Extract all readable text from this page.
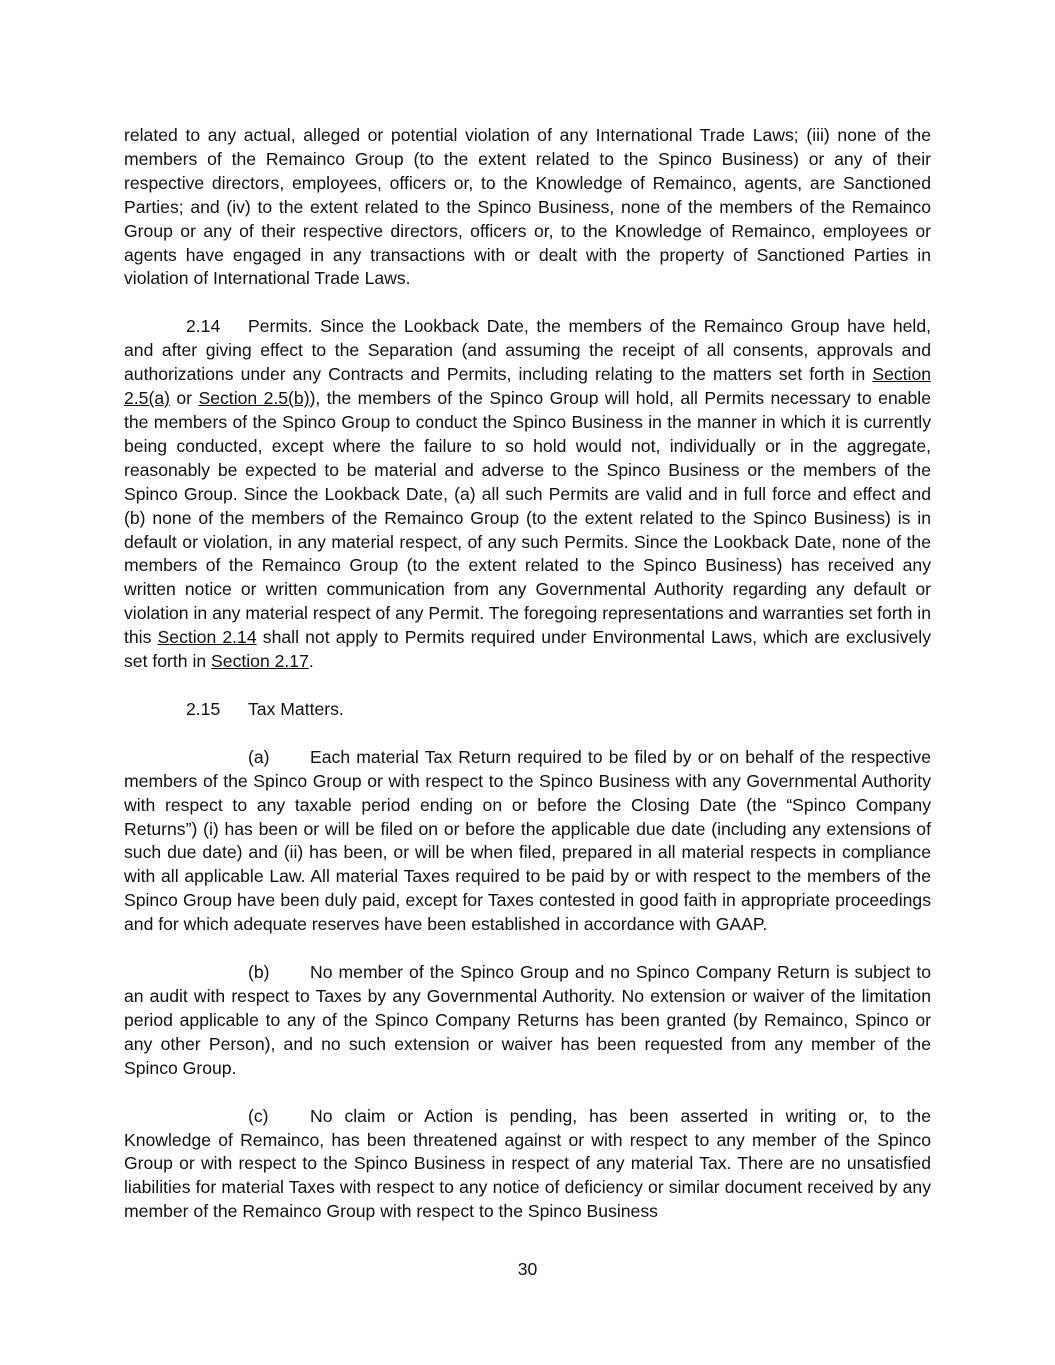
related to any actual, alleged or potential violation of any International Trade Laws; (iii) none of the members of the Remainco Group (to the extent related to the Spinco Business) or any of their respective directors, employees, officers or, to the Knowledge of Remainco, agents, are Sanctioned Parties; and (iv) to the extent related to the Spinco Business, none of the members of the Remainco Group or any of their respective directors, officers or, to the Knowledge of Remainco, employees or agents have engaged in any transactions with or dealt with the property of Sanctioned Parties in violation of International Trade Laws.

2.14 Permits. Since the Lookback Date, the members of the Remainco Group have held, and after giving effect to the Separation (and assuming the receipt of all consents, approvals and authorizations under any Contracts and Permits, including relating to the matters set forth in Section 2.5(a) or Section 2.5(b)), the members of the Spinco Group will hold, all Permits necessary to enable the members of the Spinco Group to conduct the Spinco Business in the manner in which it is currently being conducted, except where the failure to so hold would not, individually or in the aggregate, reasonably be expected to be material and adverse to the Spinco Business or the members of the Spinco Group. Since the Lookback Date, (a) all such Permits are valid and in full force and effect and (b) none of the members of the Remainco Group (to the extent related to the Spinco Business) is in default or violation, in any material respect, of any such Permits. Since the Lookback Date, none of the members of the Remainco Group (to the extent related to the Spinco Business) has received any written notice or written communication from any Governmental Authority regarding any default or violation in any material respect of any Permit. The foregoing representations and warranties set forth in this Section 2.14 shall not apply to Permits required under Environmental Laws, which are exclusively set forth in Section 2.17.

2.15 Tax Matters.

(a) Each material Tax Return required to be filed by or on behalf of the respective members of the Spinco Group or with respect to the Spinco Business with any Governmental Authority with respect to any taxable period ending on or before the Closing Date (the “Spinco Company Returns”) (i) has been or will be filed on or before the applicable due date (including any extensions of such due date) and (ii) has been, or will be when filed, prepared in all material respects in compliance with all applicable Law. All material Taxes required to be paid by or with respect to the members of the Spinco Group have been duly paid, except for Taxes contested in good faith in appropriate proceedings and for which adequate reserves have been established in accordance with GAAP.

(b) No member of the Spinco Group and no Spinco Company Return is subject to an audit with respect to Taxes by any Governmental Authority. No extension or waiver of the limitation period applicable to any of the Spinco Company Returns has been granted (by Remainco, Spinco or any other Person), and no such extension or waiver has been requested from any member of the Spinco Group.

(c) No claim or Action is pending, has been asserted in writing or, to the Knowledge of Remainco, has been threatened against or with respect to any member of the Spinco Group or with respect to the Spinco Business in respect of any material Tax. There are no unsatisfied liabilities for material Taxes with respect to any notice of deficiency or similar document received by any member of the Remainco Group with respect to the Spinco Business

30
